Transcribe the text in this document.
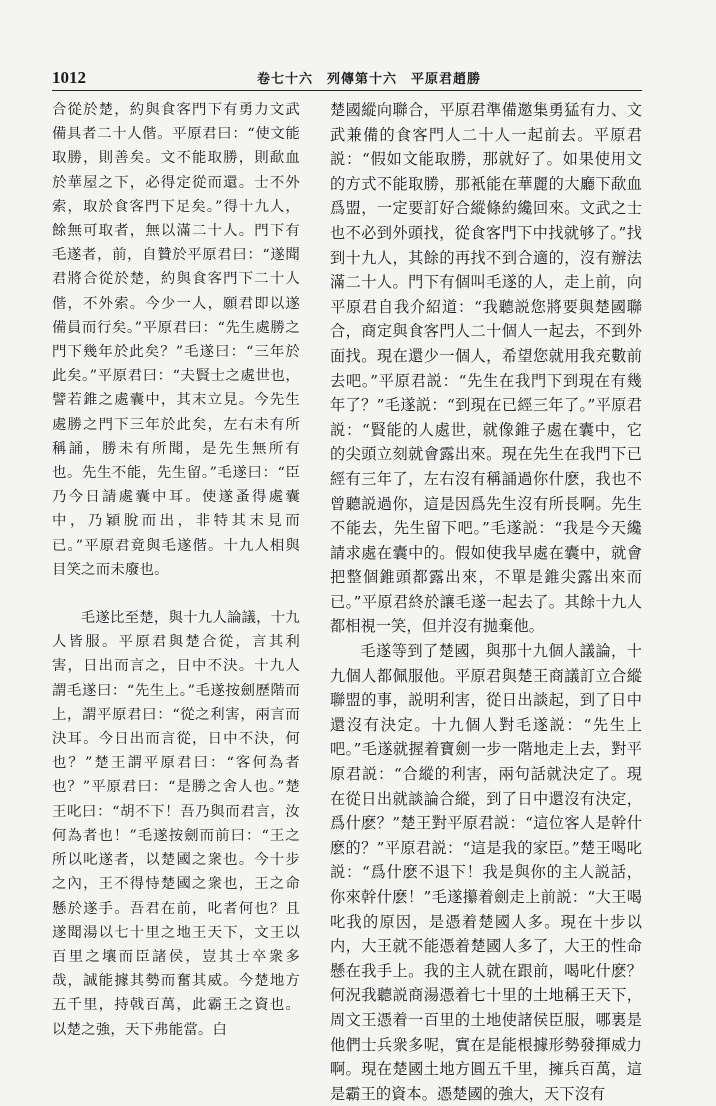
1012	卷七十六　列傳第十六　平原君趙勝

合從於楚，約與食客門下有勇力文武備具者二十人偕。平原君曰：“使文能取勝，則善矣。文不能取勝，則歃血於華屋之下，必得定從而還。士不外索，取於食客門下足矣。”得十九人，餘無可取者，無以滿二十人。門下有毛遂者，前，自贊於平原君曰：“遂聞君將合從於楚，約與食客門下二十人偕，不外索。今少一人，願君即以遂備員而行矣。”平原君曰：“先生處勝之門下幾年於此矣？”毛遂曰：“三年於此矣。”平原君曰：“夫賢士之處世也，譬若錐之處囊中，其末立見。今先生處勝之門下三年於此矣，左右未有所稱誦，勝未有所聞，是先生無所有也。先生不能，先生留。”毛遂曰：“臣乃今日請處囊中耳。使遂蚤得處囊中，乃穎脫而出，非特其末見而已。”平原君竟與毛遂偕。十九人相與目笑之而未廢也。

毛遂比至楚，與十九人論議，十九人皆服。平原君與楚合從，言其利害，日出而言之，日中不決。十九人謂毛遂曰：“先生上。”毛遂按劍歷階而上，謂平原君曰：“從之利害，兩言而決耳。今日出而言從，日中不決，何也？”楚王謂平原君曰：“客何為者也？”平原君曰：“是勝之舍人也。”楚王叱曰：“胡不下！吾乃與而君言，汝何為者也！”毛遂按劍而前曰：“王之所以叱遂者，以楚國之衆也。今十步之內，王不得恃楚國之衆也，王之命懸於遂手。吾君在前，叱者何也？且遂聞湯以七十里之地王天下，文王以百里之壤而臣諸侯，豈其士卒衆多哉，誠能據其勢而奮其威。今楚地方五千里，持戟百萬，此霸王之資也。以楚之強，天下弗能當。白

楚國縱向聯合，平原君準備邀集勇猛有力、文武兼備的食客門人二十人一起前去。平原君説：“假如文能取勝，那就好了。如果使用文的方式不能取勝，那衹能在華麗的大廳下歃血爲盟，一定要訂好合縱條約纔回來。文武之士也不必到外頭找，從食客門下中找就够了。”找到十九人，其餘的再找不到合適的，沒有辦法滿二十人。門下有個叫毛遂的人，走上前，向平原君自我介紹道：“我聽説您將要與楚國聯合，商定與食客門人二十個人一起去，不到外面找。現在還少一個人，希望您就用我充數前去吧。”平原君説：“先生在我門下到現在有幾年了？”毛遂説：“到現在已經三年了。”平原君説：“賢能的人處世，就像錐子處在囊中，它的尖頭立刻就會露出來。現在先生在我門下已經有三年了，左右沒有稱誦過你什麽，我也不曾聽説過你，這是因爲先生沒有所長啊。先生不能去，先生留下吧。”毛遂説：“我是今天纔請求處在囊中的。假如使我早處在囊中，就會把整個錐頭都露出來，不單是錐尖露出來而已。”平原君終於讓毛遂一起去了。其餘十九人都相視一笑，但并沒有拋棄他。

毛遂等到了楚國，與那十九個人議論，十九個人都佩服他。平原君與楚王商議訂立合縱聯盟的事，説明利害，從日出談起，到了日中還沒有決定。十九個人對毛遂説：“先生上吧。”毛遂就握着寶劍一步一階地走上去，對平原君説：“合縱的利害，兩句話就決定了。現在從日出就談論合縱，到了日中還沒有決定，爲什麽？”楚王對平原君説：“這位客人是幹什麽的？”平原君説：“這是我的家臣。”楚王喝叱説：“爲什麽不退下！我是與你的主人説話，你來幹什麽！”毛遂攥着劍走上前説：“大王喝叱我的原因，是憑着楚國人多。現在十步以内，大王就不能憑着楚國人多了，大王的性命懸在我手上。我的主人就在跟前，喝叱什麽？何況我聽説商湯憑着七十里的土地稱王天下，周文王憑着一百里的土地使諸侯臣服，哪裏是他們士兵衆多呢，實在是能根據形勢發揮威力啊。現在楚國土地方圓五千里，擁兵百萬，這是霸王的資本。憑楚國的強大，天下沒有
